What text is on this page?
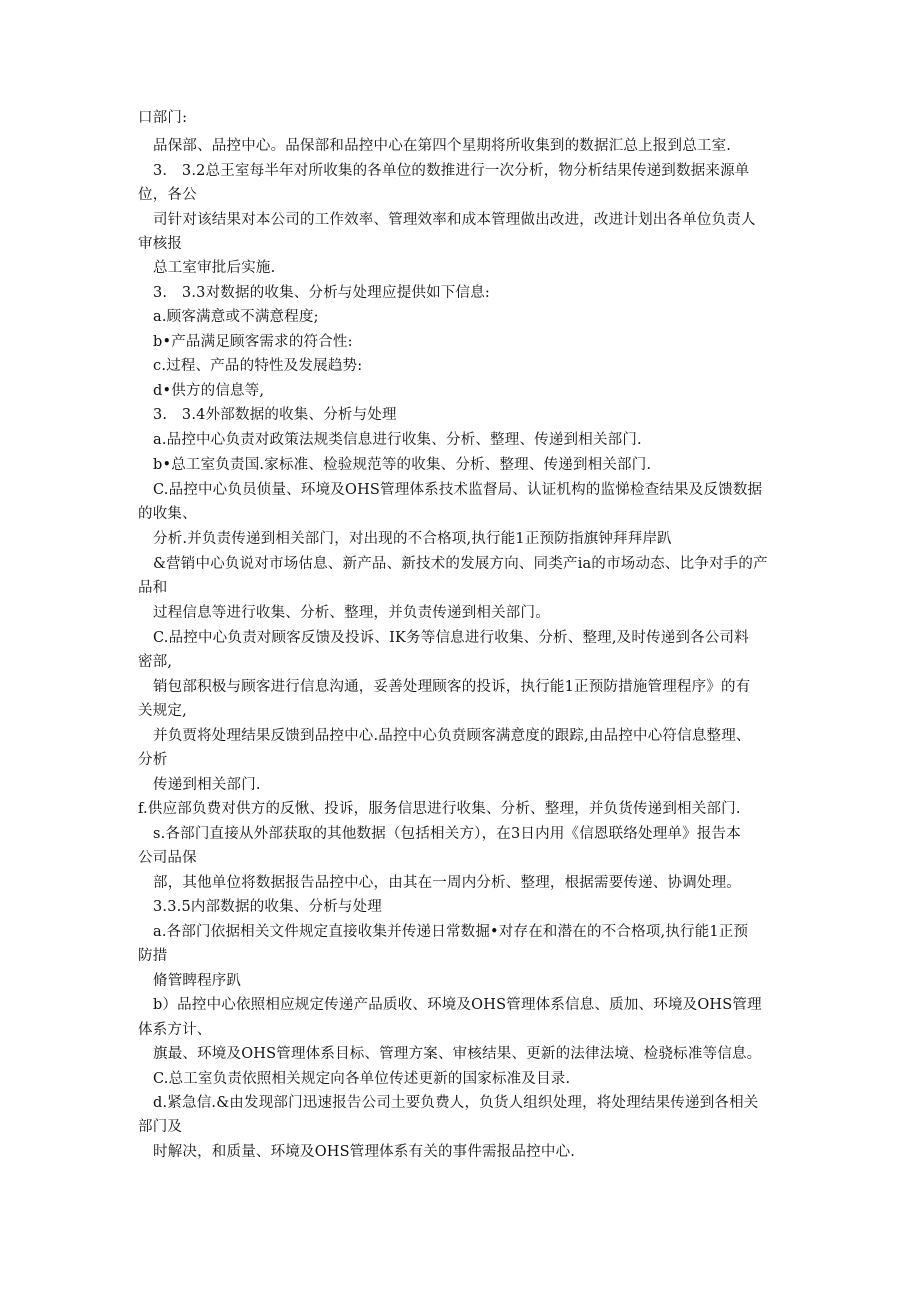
口部门:
品保部、品控中心。品保部和品控中心在第四个星期将所收集到的数据汇总上报到总工室.
3.　3.2总王室每半年对所收集的各单位的数推进行一次分析，物分析结果传递到数据来源单
位，各公
司针对该结果对本公司的工作效率、管理效率和成本管理做出改进，改进计划出各单位负责人
审核报
总工室审批后实施.
3.　3.3对数据的收集、分析与处理应提供如下信息:
a.顾客满意或不满意程度;
b•产品满足顾客需求的符合性:
c.过程、产品的特性及发展趋势:
d•供方的信息等,
3.　3.4外部数据的收集、分析与处理
a.品控中心负责对政策法规类信息进行收集、分析、整理、传递到相关部门.
b•总工室负责国.家标准、检验规范等的收集、分析、整理、传递到相关部门.
C.品控中心负员侦量、环境及OHS管理体系技术监督局、认证机构的监悌检查结果及反馈数据
的收集、
分析.并负责传递到相关部门，对出现的不合格项,执行能1正预防指旗钟拜拜岸趴
&营销中心负说对市场估息、新产品、新技术的发展方向、同类产ia的市场动态、比争对手的产
品和
过程信息等进行收集、分析、整理，并负责传递到相关部门。
C.品控中心负责对顾客反馈及投诉、IK务等信息进行收集、分析、整理,及时传递到各公司料
密部,
销包部积极与顾客进行信息沟通，妥善处理顾客的投诉，执行能1正预防措施管理程序》的有
关规定,
并负贾将处理结果反馈到品控中心.品控中心负贲顾客满意度的跟踪,由品控中心符信息整理、
分析
传递到相关部门.
f.供应部负费对供方的反愀、投诉，服务信思进行收集、分析、整理，并负货传递到相关部门.
s.各部门直接从外部获取的其他数据（包括相关方），在3日内用《信恩联络处理单》报告本
公司品保
部，其他单位将数据报告品控中心，由其在一周内分析、整理，根据需要传递、协调处理。
3.3.5内部数据的收集、分析与处理
a.各部门依据相关文件规定直接收集并传递日常数掘•对存在和潜在的不合格项,执行能1正预
防措
脩管睥程序趴
b）品控中心依照相应规定传递产品质收、环境及OHS管理体系信息、质加、环境及OHS管理
体系方计、
旗最、环境及OHS管理体系目标、管理方案、审核结果、更新的法律法境、检骁标准等信息。
C.总工室负责依照相关规定向各单位传述更新的国家标准及目录.
d.紧急信.&由发现部门迅速报告公司土要负费人，负货人组织处理，将处理结果传递到各相关
部门及
时解决，和质量、环境及OHS管理体系有关的事件需报品控中心.
